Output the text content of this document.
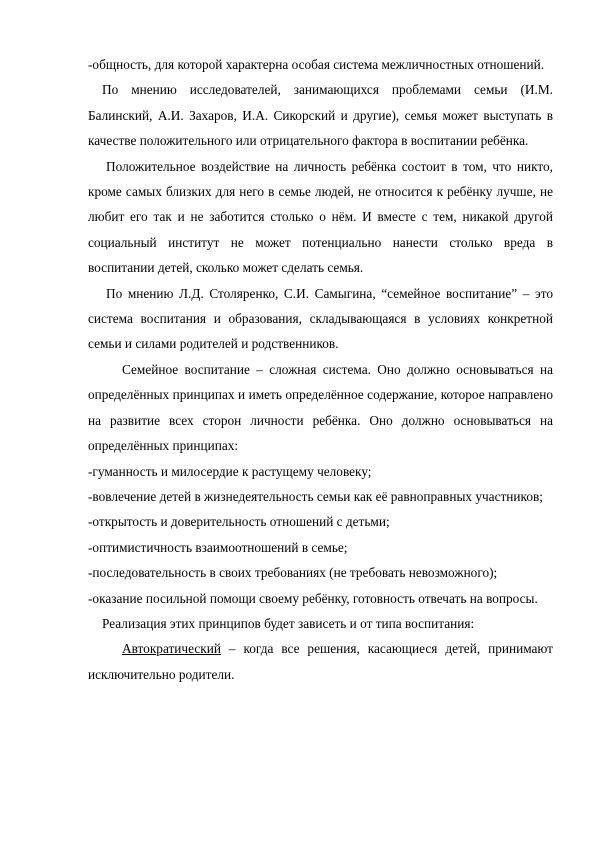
-общность, для которой характерна особая система межличностных отношений.

По мнению исследователей, занимающихся проблемами семьи (И.М. Балинский, А.И. Захаров, И.А. Сикорский и другие), семья может выступать в качестве положительного или отрицательного фактора в воспитании ребёнка.

Положительное воздействие на личность ребёнка состоит в том, что никто, кроме самых близких для него в семье людей, не относится к ребёнку лучше, не любит его так и не заботится столько о нём. И вместе с тем, никакой другой социальный институт не может потенциально нанести столько вреда в воспитании детей, сколько может сделать семья.

По мнению Л.Д. Столяренко, С.И. Самыгина, “семейное воспитание” – это система воспитания и образования, складывающаяся в условиях конкретной семьи и силами родителей и родственников.

Семейное воспитание – сложная система. Оно должно основываться на определённых принципах и иметь определённое содержание, которое направлено на развитие всех сторон личности ребёнка. Оно должно основываться на определённых принципах:

-гуманность и милосердие к растущему человеку;

-вовлечение детей в жизнедеятельность семьи как её равноправных участников;

-открытость и доверительность отношений с детьми;

-оптимистичность взаимоотношений в семье;

-последовательность в своих требованиях (не требовать невозможного);

-оказание посильной помощи своему ребёнку, готовность отвечать на вопросы.

Реализация этих принципов будет зависеть и от типа воспитания:

Автократический – когда все решения, касающиеся детей, принимают исключительно родители.
